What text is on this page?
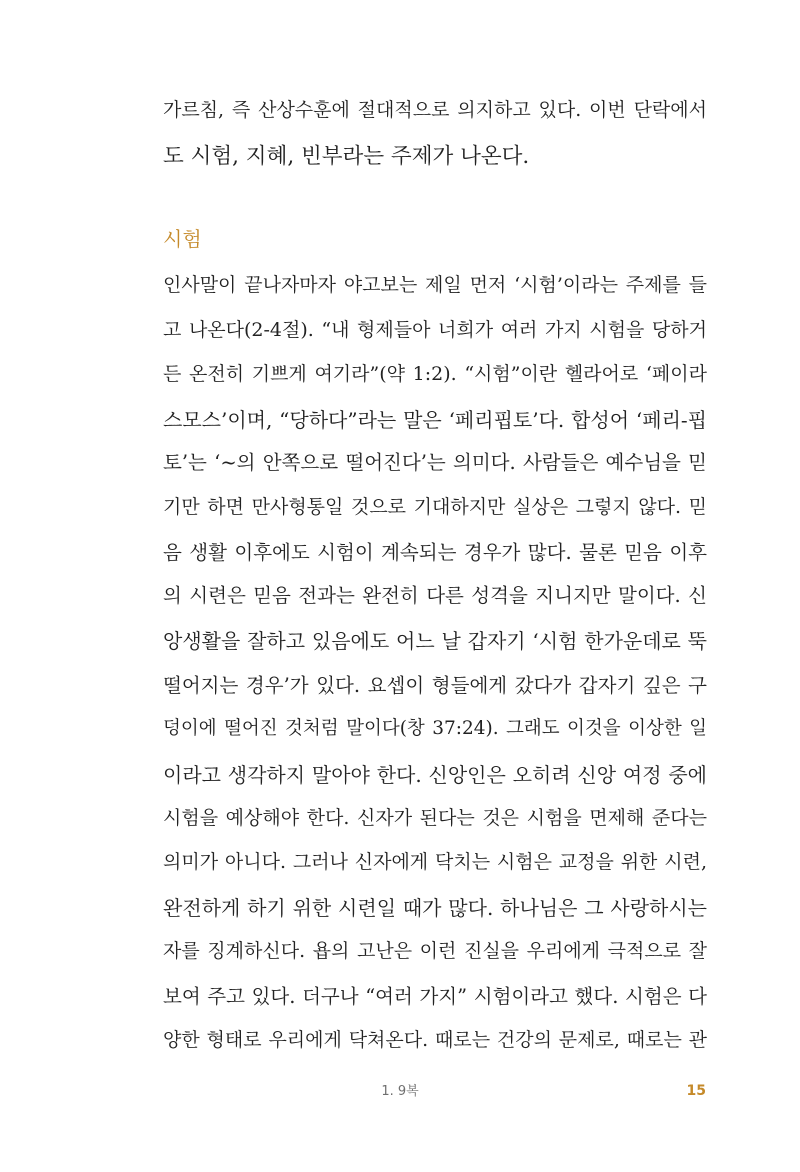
가르침, 즉 산상수훈에 절대적으로 의지하고 있다. 이번 단락에서
도 시험, 지혜, 빈부라는 주제가 나온다.
시험
인사말이 끝나자마자 야고보는 제일 먼저 ‘시험’이라는 주제를 들
고 나온다(2-4절). “내 형제들아 너희가 여러 가지 시험을 당하거
든 온전히 기쁘게 여기라”(약 1:2). “시험”이란 헬라어로 ‘페이라
스모스’이며, “당하다”라는 말은 ‘페리핍토’다. 합성어 ‘페리-핍
토’는 ‘~의 안쪽으로 떨어진다’는 의미다. 사람들은 예수님을 믿
기만 하면 만사형통일 것으로 기대하지만 실상은 그렇지 않다. 믿
음 생활 이후에도 시험이 계속되는 경우가 많다. 물론 믿음 이후
의 시련은 믿음 전과는 완전히 다른 성격을 지니지만 말이다. 신
앙생활을 잘하고 있음에도 어느 날 갑자기 ‘시험 한가운데로 뚝
떨어지는 경우’가 있다. 요셉이 형들에게 갔다가 갑자기 깊은 구
덩이에 떨어진 것처럼 말이다(창 37:24). 그래도 이것을 이상한 일
이라고 생각하지 말아야 한다. 신앙인은 오히려 신앙 여정 중에
시험을 예상해야 한다. 신자가 된다는 것은 시험을 면제해 준다는
의미가 아니다. 그러나 신자에게 닥치는 시험은 교정을 위한 시련,
완전하게 하기 위한 시련일 때가 많다. 하나님은 그 사랑하시는
자를 징계하신다. 욥의 고난은 이런 진실을 우리에게 극적으로 잘
보여 주고 있다. 더구나 “여러 가지” 시험이라고 했다. 시험은 다
양한 형태로 우리에게 닥쳐온다. 때로는 건강의 문제로, 때로는 관
1. 9복	15
